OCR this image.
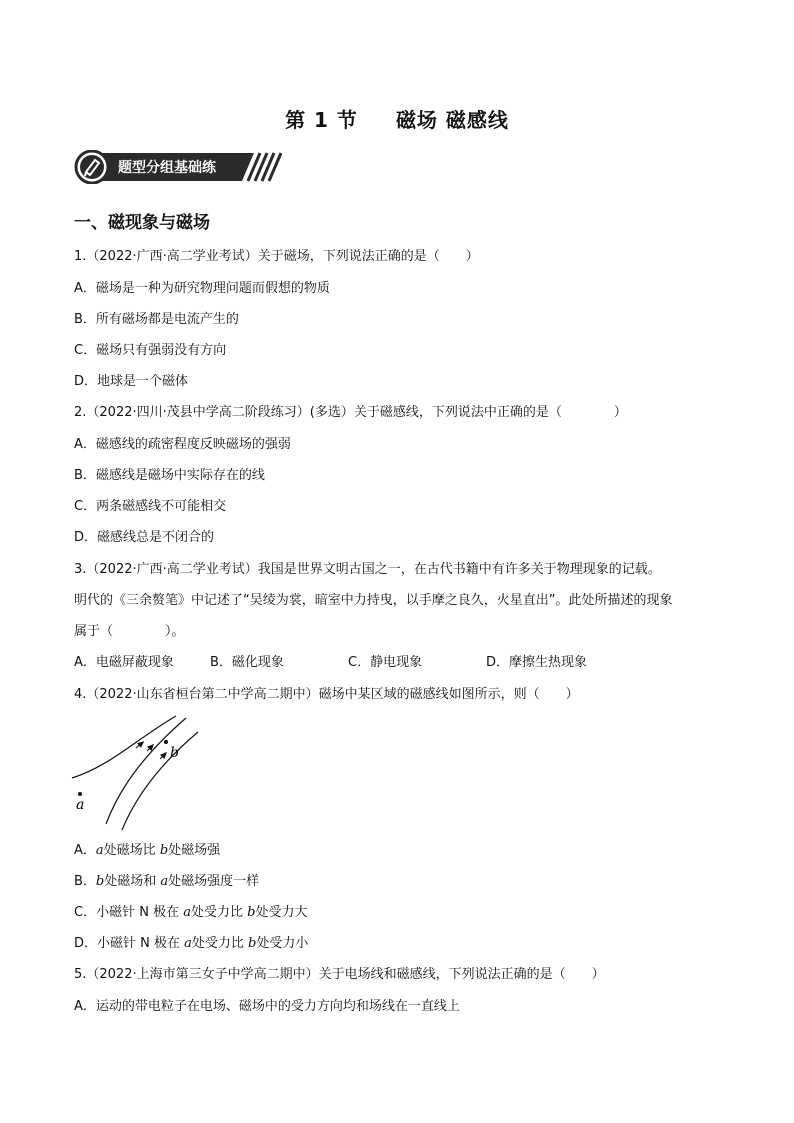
第 1 节 磁场 磁感线
题型分组基础练
一、磁现象与磁场
1.（2022·广西·高二学业考试）关于磁场，下列说法正确的是（　　）
A．磁场是一种为研究物理问题而假想的物质
B．所有磁场都是电流产生的
C．磁场只有强弱没有方向
D．地球是一个磁体
2.（2022·四川·茂县中学高二阶段练习）(多选）关于磁感线，下列说法中正确的是（　　　　）
A．磁感线的疏密程度反映磁场的强弱
B．磁感线是磁场中实际存在的线
C．两条磁感线不可能相交
D．磁感线总是不闭合的
3.（2022·广西·高二学业考试）我国是世界文明古国之一，在古代书籍中有许多关于物理现象的记载。
明代的《三余赘笔》中记述了“吴绫为裳，暗室中力持曳，以手摩之良久，火星直出”。此处所描述的现象
属于（　　　　）。
A．电磁屏蔽现象	B．磁化现象	C．静电现象	D．摩擦生热现象
4.（2022·山东省桓台第二中学高二期中）磁场中某区域的磁感线如图所示，则（　　）
b
a
A．a处磁场比 b处磁场强
B．b处磁场和 a处磁场强度一样
C．小磁针 N 极在 a处受力比 b处受力大
D．小磁针 N 极在 a处受力比 b处受力小
5.（2022·上海市第三女子中学高二期中）关于电场线和磁感线，下列说法正确的是（　　）
A．运动的带电粒子在电场、磁场中的受力方向均和场线在一直线上
